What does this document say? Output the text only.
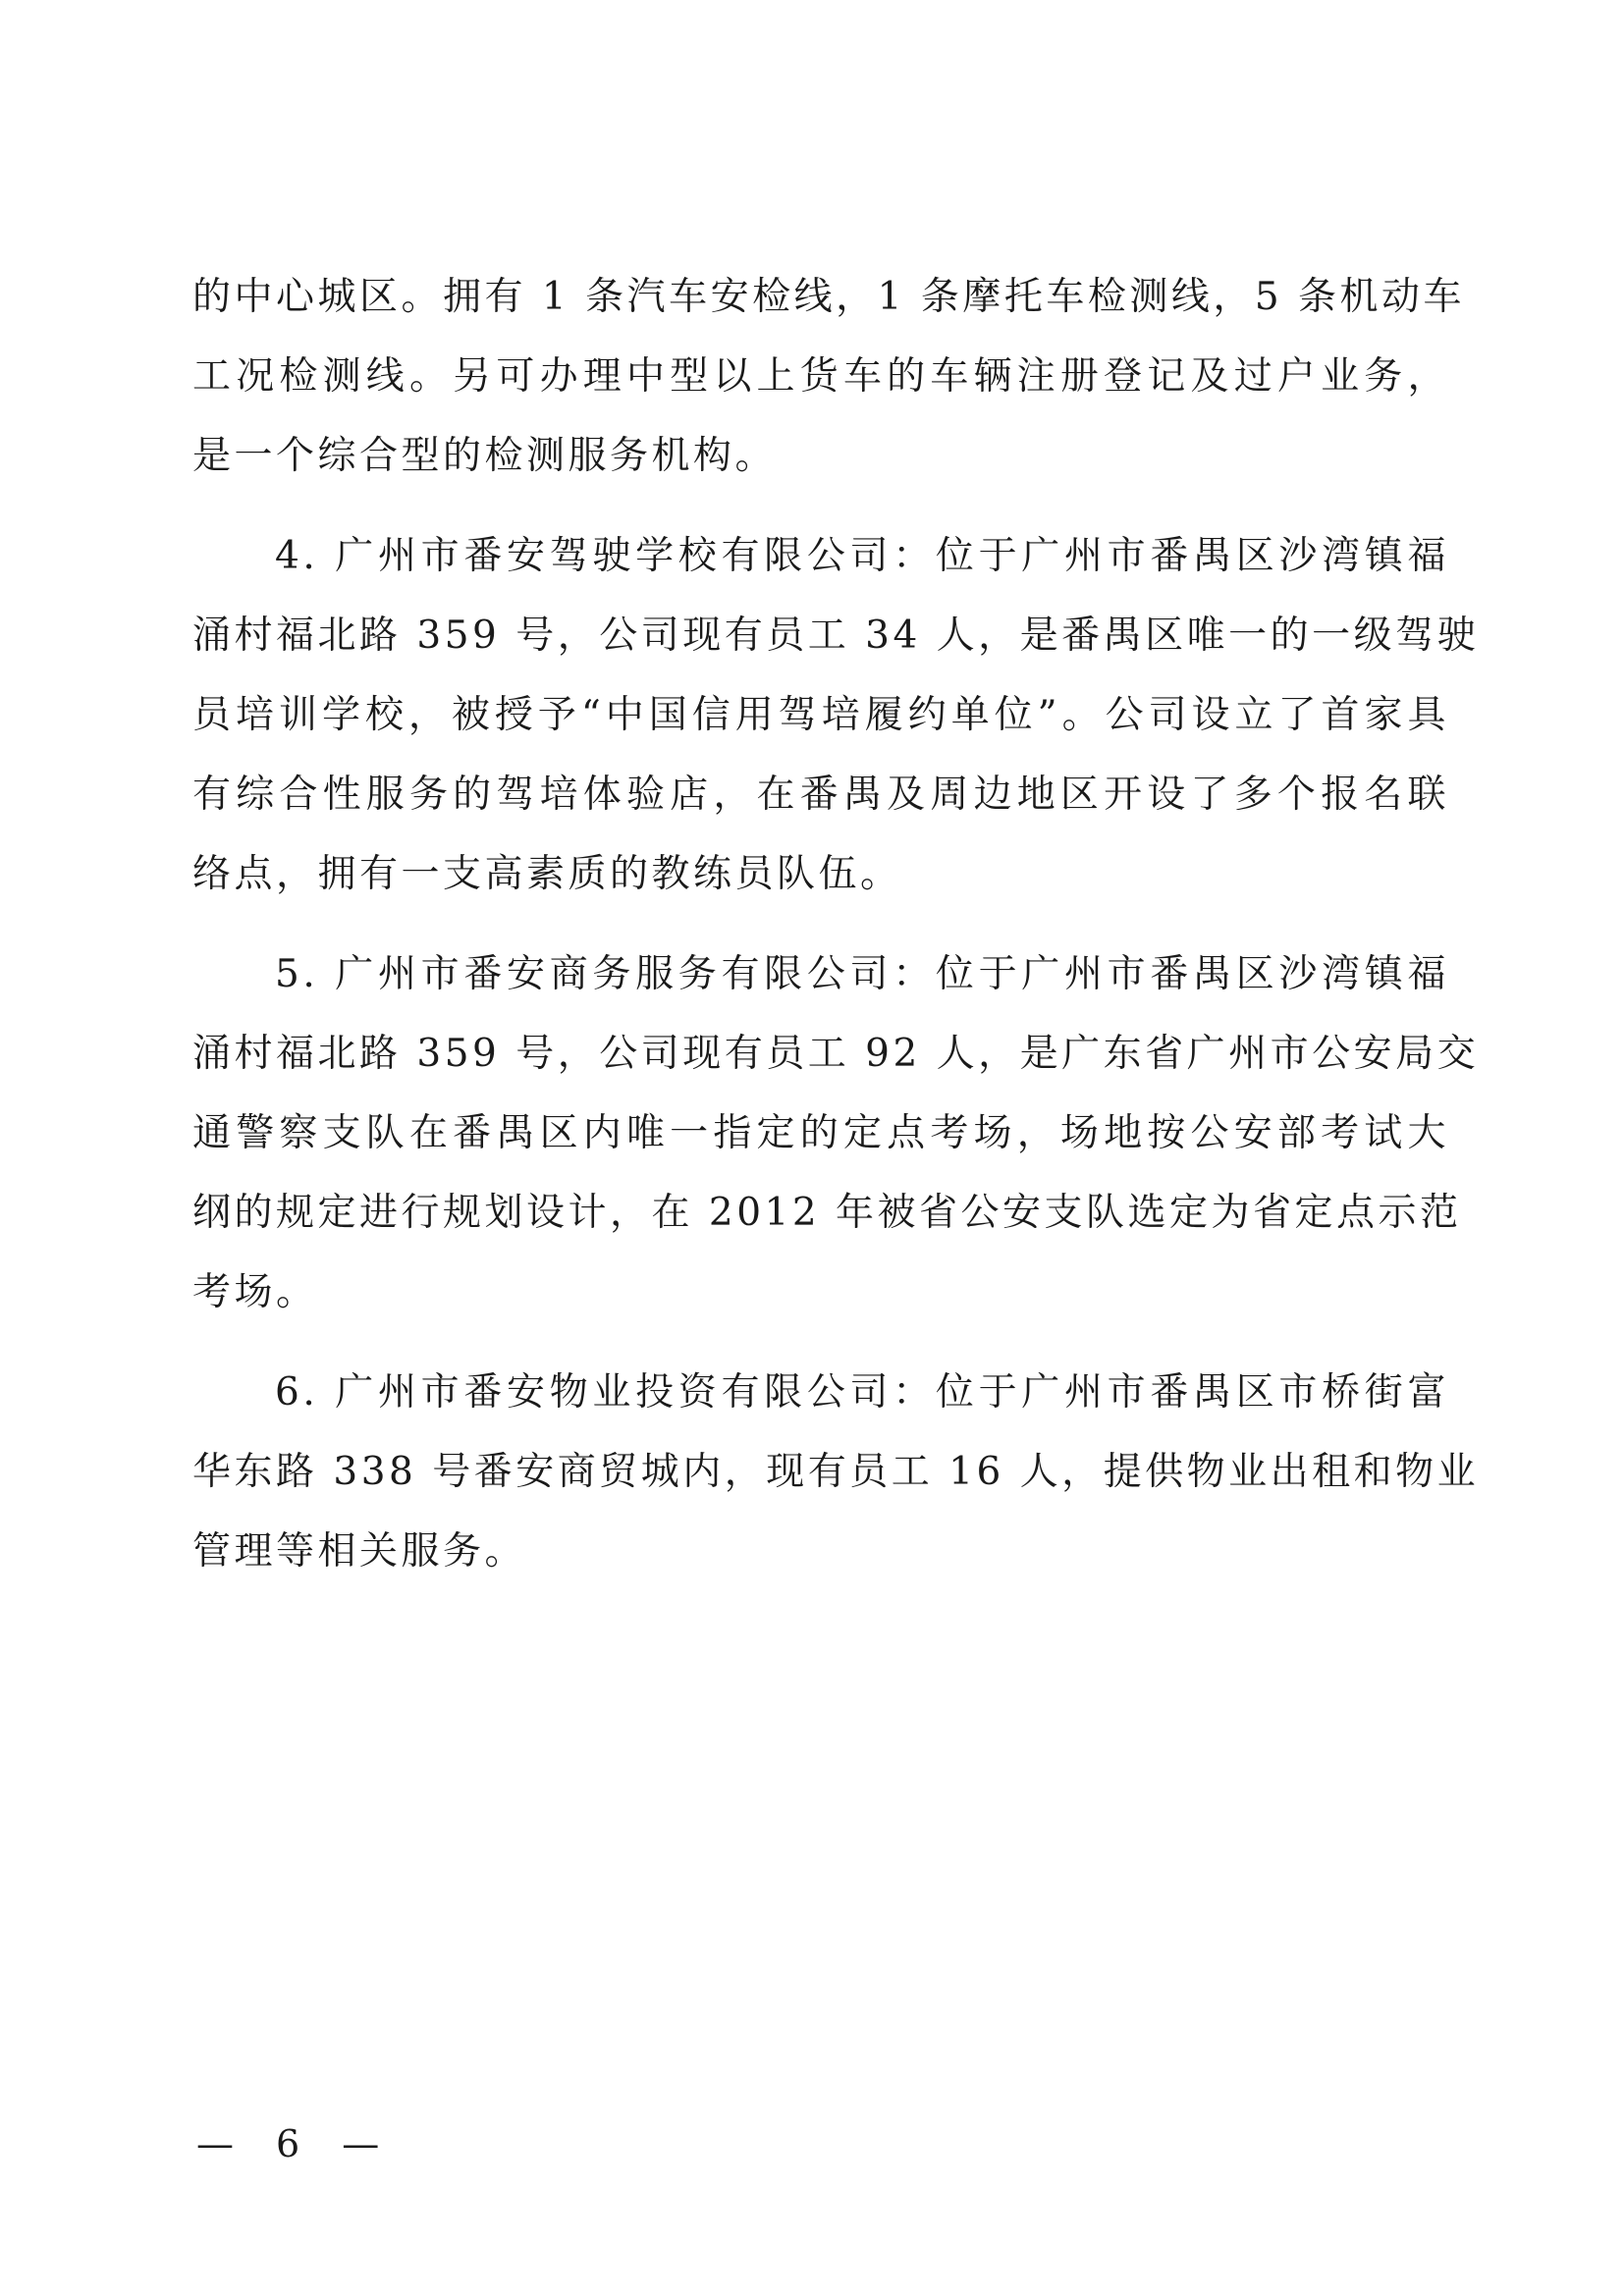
的中心城区。拥有 1 条汽车安检线，1 条摩托车检测线，5 条机动车
工况检测线。另可办理中型以上货车的车辆注册登记及过户业务，
是一个综合型的检测服务机构。
4. 广州市番安驾驶学校有限公司：位于广州市番禺区沙湾镇福
涌村福北路 359 号，公司现有员工 34 人，是番禺区唯一的一级驾驶
员培训学校，被授予“中国信用驾培履约单位”。公司设立了首家具
有综合性服务的驾培体验店，在番禺及周边地区开设了多个报名联
络点，拥有一支高素质的教练员队伍。
5. 广州市番安商务服务有限公司：位于广州市番禺区沙湾镇福
涌村福北路 359 号，公司现有员工 92 人，是广东省广州市公安局交
通警察支队在番禺区内唯一指定的定点考场，场地按公安部考试大
纲的规定进行规划设计，在 2012 年被省公安支队选定为省定点示范
考场。
6. 广州市番安物业投资有限公司：位于广州市番禺区市桥街富
华东路 338 号番安商贸城内，现有员工 16 人，提供物业出租和物业
管理等相关服务。
— 6 —
